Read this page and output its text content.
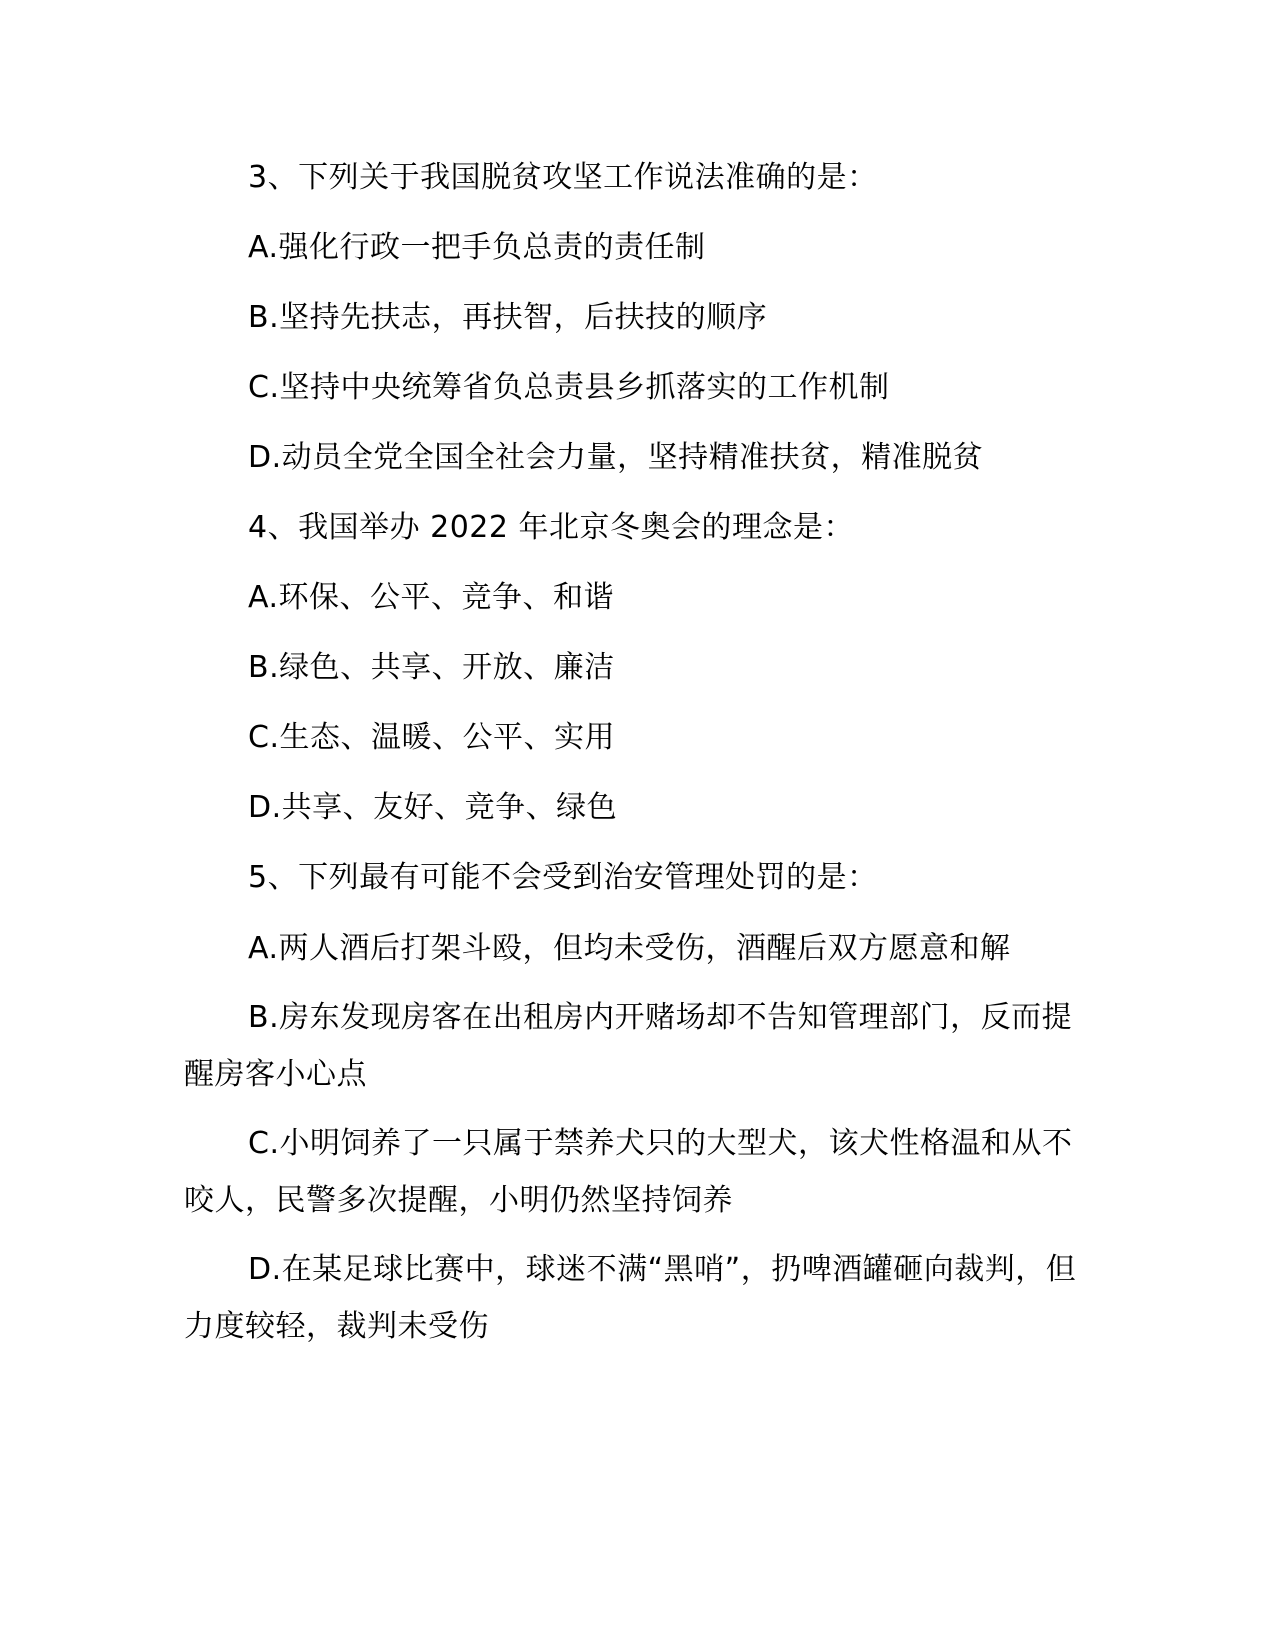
3、下列关于我国脱贫攻坚工作说法准确的是：

A.强化行政一把手负总责的责任制

B.坚持先扶志，再扶智，后扶技的顺序

C.坚持中央统筹省负总责县乡抓落实的工作机制

D.动员全党全国全社会力量，坚持精准扶贫，精准脱贫

4、我国举办 2022 年北京冬奥会的理念是：

A.环保、公平、竞争、和谐

B.绿色、共享、开放、廉洁

C.生态、温暖、公平、实用

D.共享、友好、竞争、绿色

5、下列最有可能不会受到治安管理处罚的是：

A.两人酒后打架斗殴，但均未受伤，酒醒后双方愿意和解

B.房东发现房客在出租房内开赌场却不告知管理部门，反而提醒房客小心点

C.小明饲养了一只属于禁养犬只的大型犬，该犬性格温和从不咬人，民警多次提醒，小明仍然坚持饲养

D.在某足球比赛中，球迷不满“黑哨”，扔啤酒罐砸向裁判，但力度较轻，裁判未受伤
